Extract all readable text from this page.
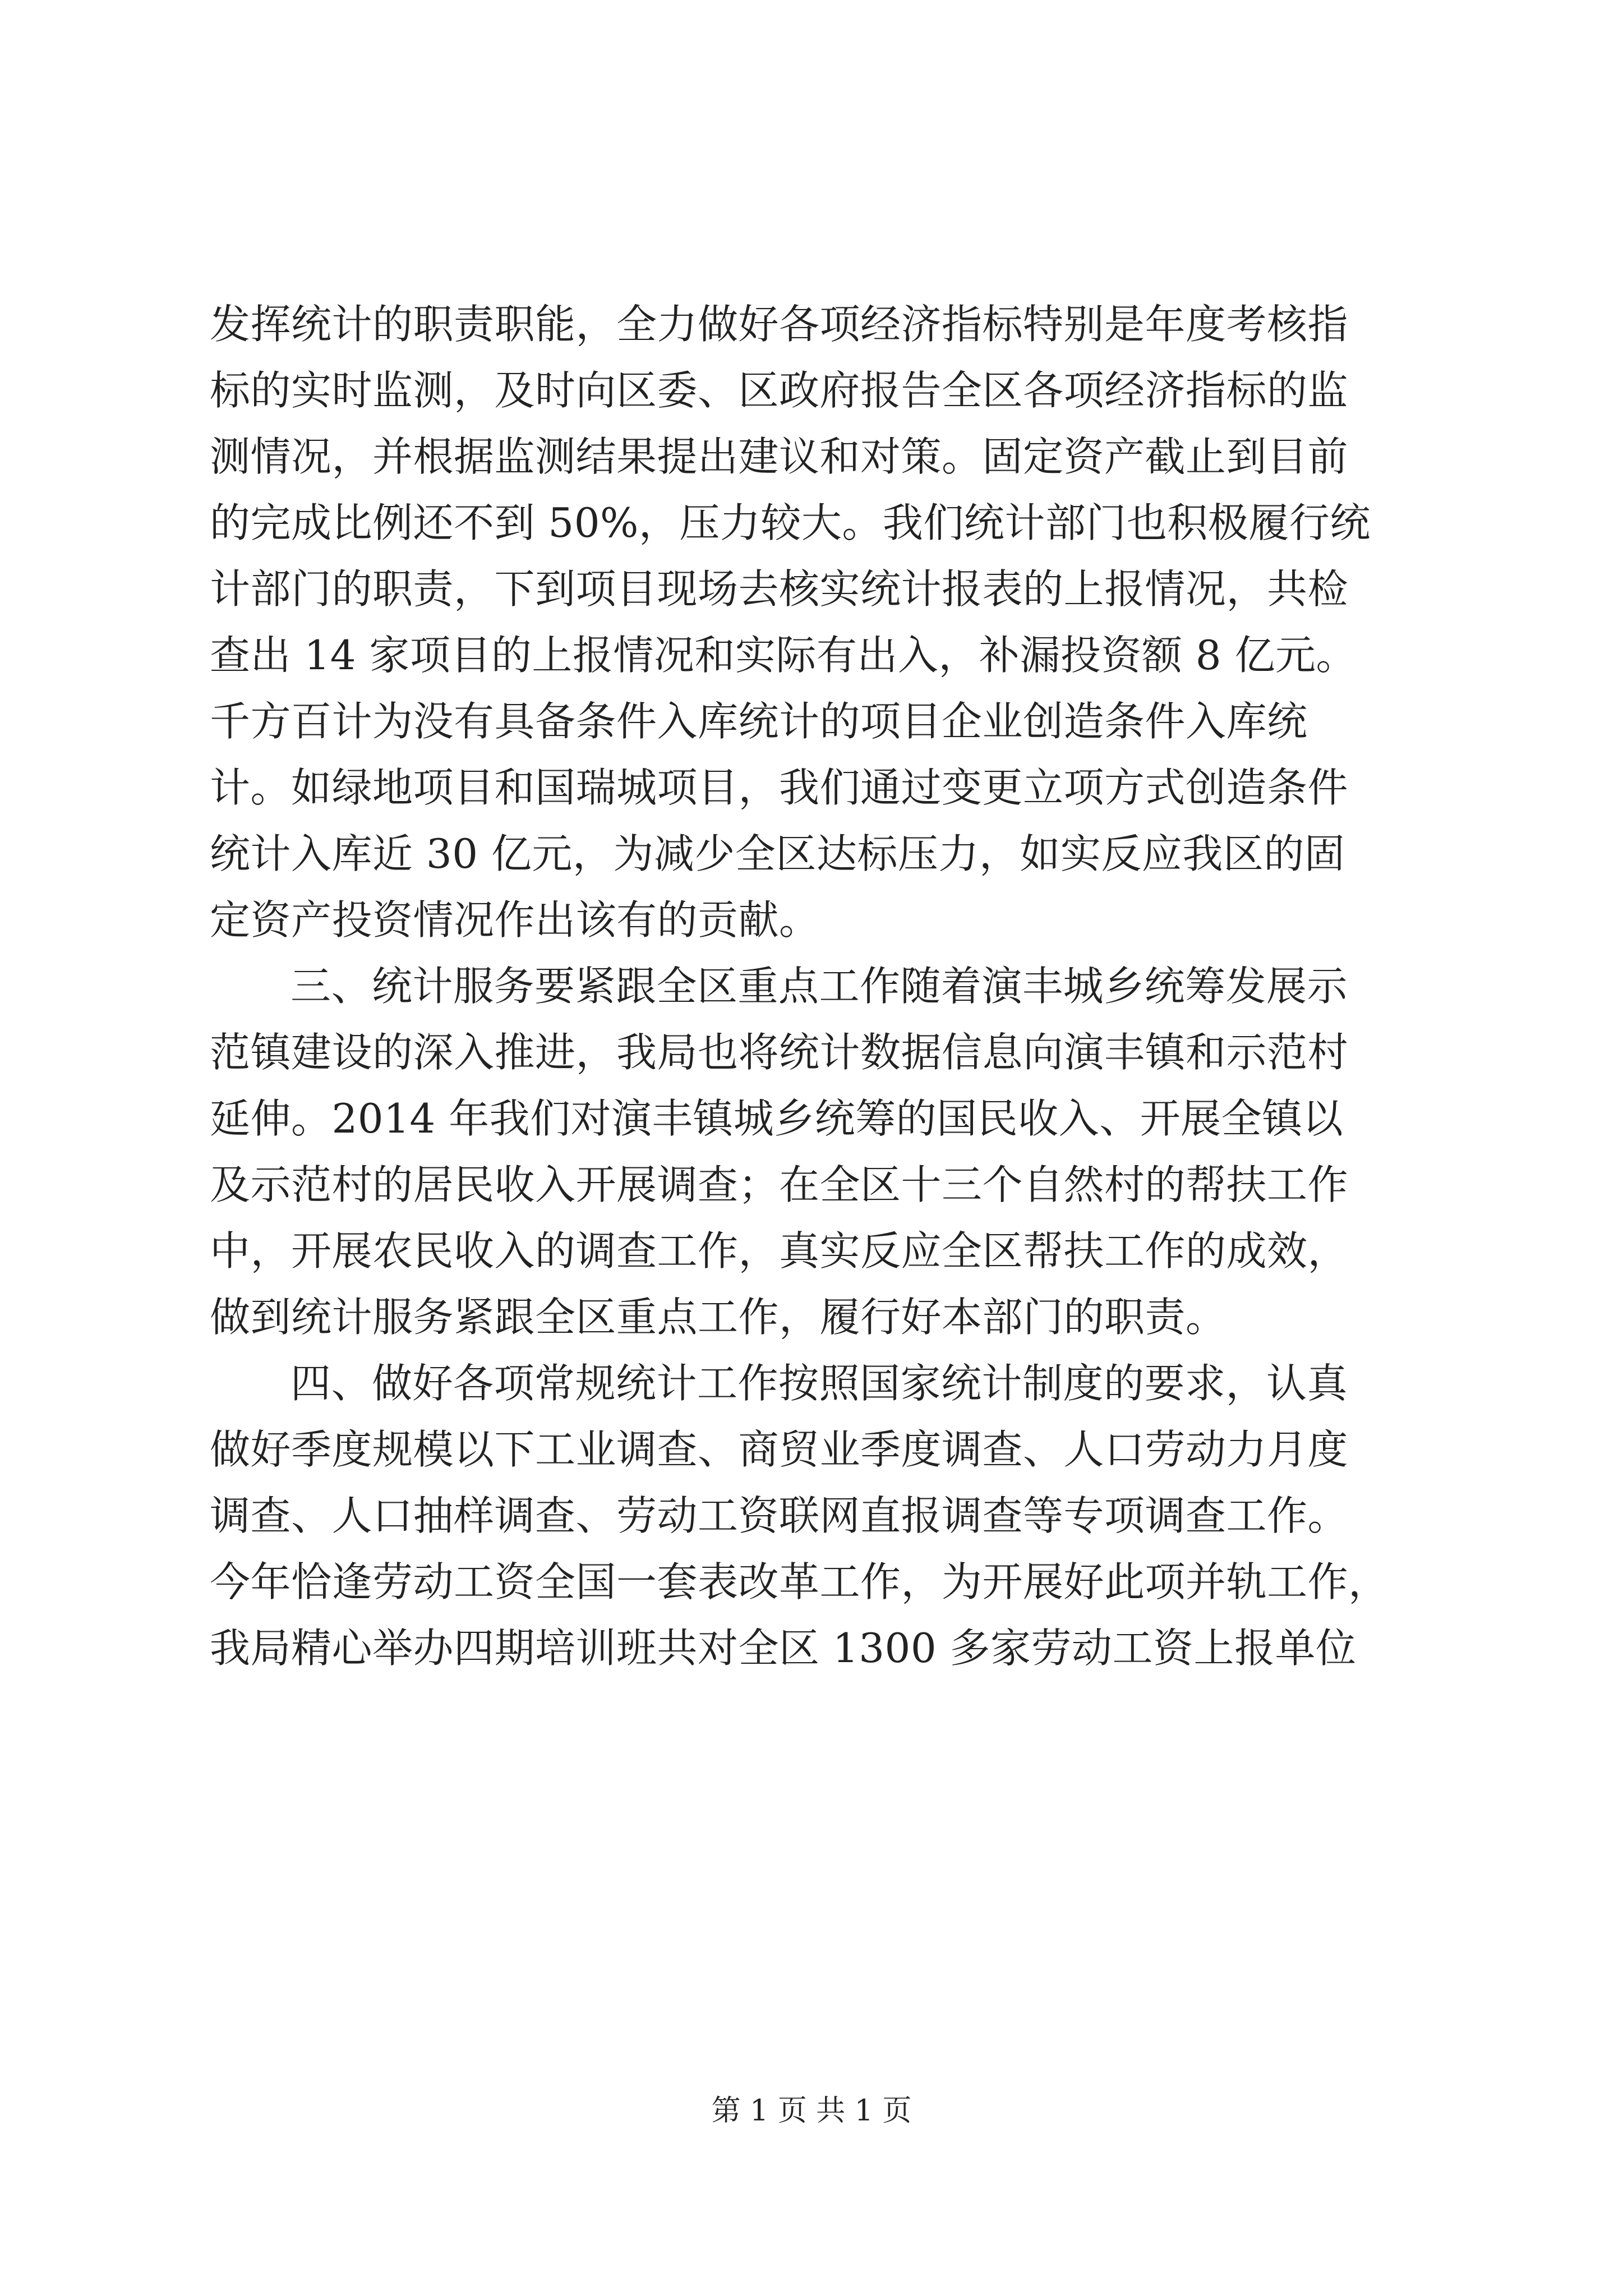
发挥统计的职责职能，全力做好各项经济指标特别是年度考核指
标的实时监测，及时向区委、区政府报告全区各项经济指标的监
测情况，并根据监测结果提出建议和对策。固定资产截止到目前
的完成比例还不到 50%，压力较大。我们统计部门也积极履行统
计部门的职责，下到项目现场去核实统计报表的上报情况，共检
查出 14 家项目的上报情况和实际有出入，补漏投资额 8 亿元。
千方百计为没有具备条件入库统计的项目企业创造条件入库统
计。如绿地项目和国瑞城项目，我们通过变更立项方式创造条件
统计入库近 30 亿元，为减少全区达标压力，如实反应我区的固
定资产投资情况作出该有的贡献。
三、统计服务要紧跟全区重点工作随着演丰城乡统筹发展示
范镇建设的深入推进，我局也将统计数据信息向演丰镇和示范村
延伸。2014 年我们对演丰镇城乡统筹的国民收入、开展全镇以
及示范村的居民收入开展调查；在全区十三个自然村的帮扶工作
中，开展农民收入的调查工作，真实反应全区帮扶工作的成效，
做到统计服务紧跟全区重点工作，履行好本部门的职责。
四、做好各项常规统计工作按照国家统计制度的要求，认真
做好季度规模以下工业调查、商贸业季度调查、人口劳动力月度
调查、人口抽样调查、劳动工资联网直报调查等专项调查工作。
今年恰逢劳动工资全国一套表改革工作，为开展好此项并轨工作，
我局精心举办四期培训班共对全区 1300 多家劳动工资上报单位
第 1 页 共 1 页
